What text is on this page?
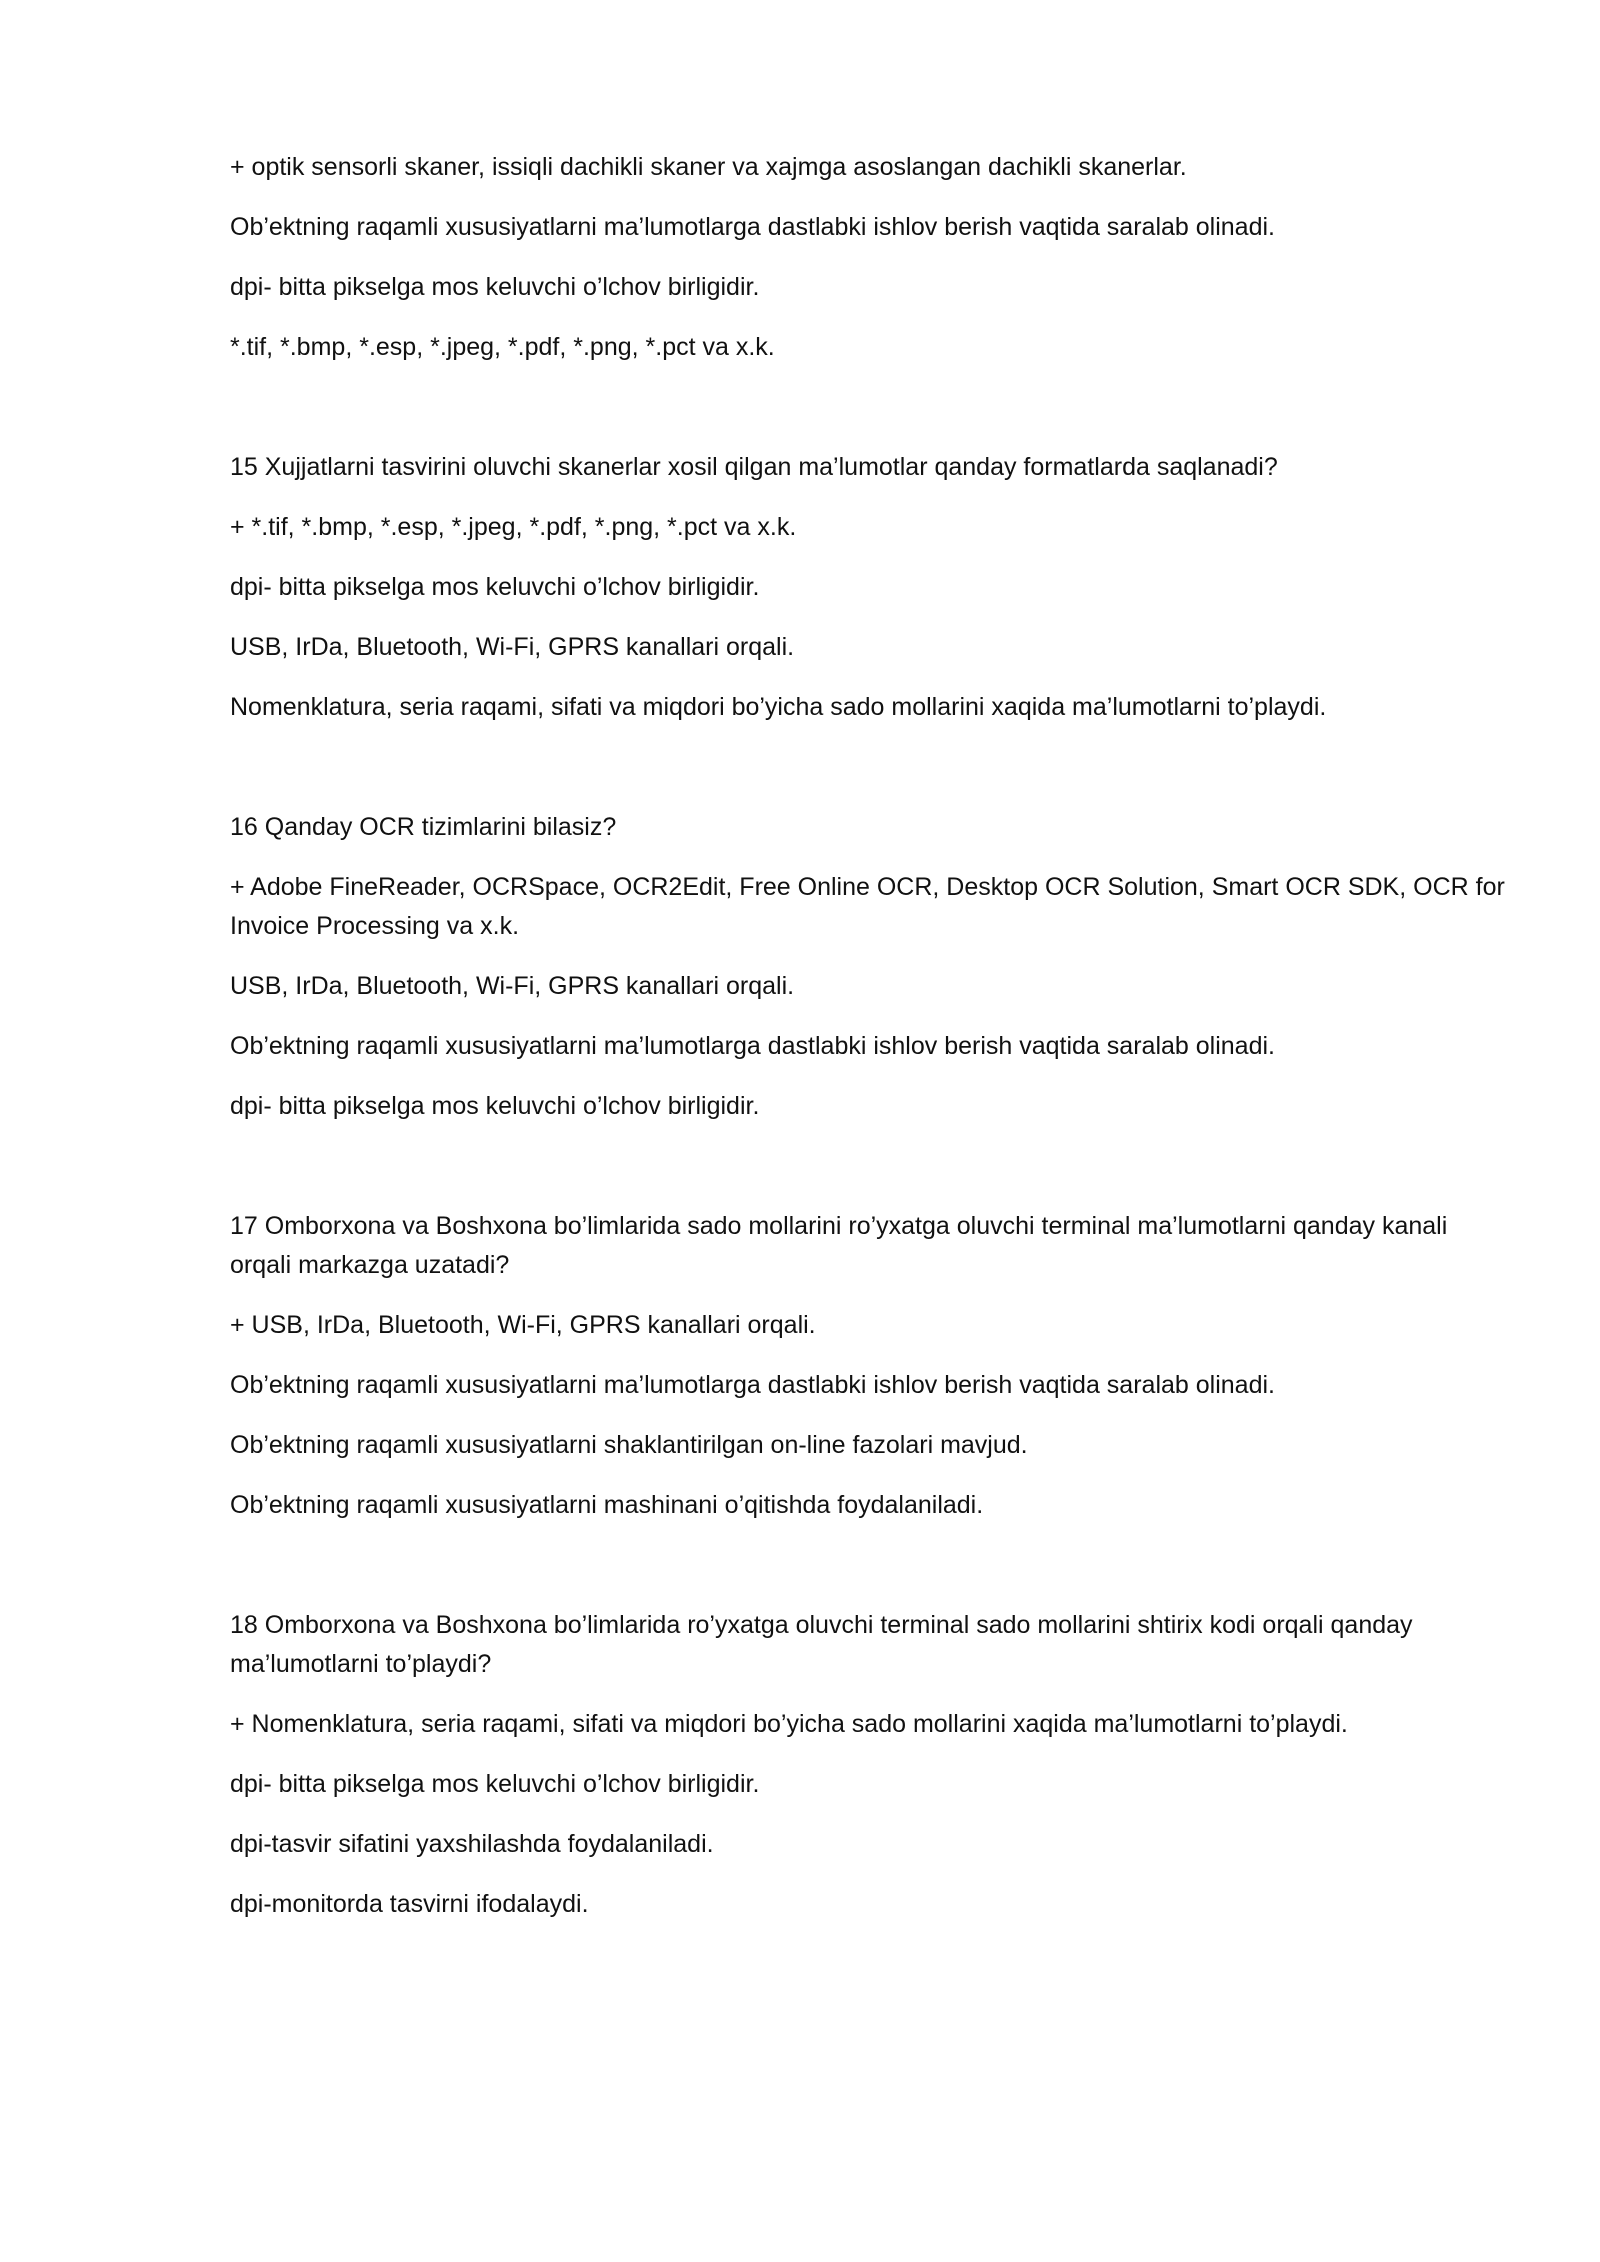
+ optik sensorli skaner, issiqli dachikli skaner va xajmga asoslangan dachikli skanerlar.

Ob’ektning raqamli xususiyatlarni ma’lumotlarga dastlabki ishlov berish vaqtida saralab olinadi.

dpi- bitta pikselga mos keluvchi o’lchov birligidir.

*.tif, *.bmp, *.esp, *.jpeg, *.pdf, *.png, *.pct va x.k.

15 Xujjatlarni tasvirini oluvchi skanerlar xosil qilgan ma’lumotlar qanday formatlarda saqlanadi?

+ *.tif, *.bmp, *.esp, *.jpeg, *.pdf, *.png, *.pct va x.k.

dpi- bitta pikselga mos keluvchi o’lchov birligidir.

USB, IrDa, Bluetooth, Wi-Fi, GPRS kanallari orqali.

Nomenklatura, seria raqami, sifati va miqdori bo’yicha sado mollarini xaqida ma’lumotlarni to’playdi.

16 Qanday OCR tizimlarini bilasiz?

+ Adobe FineReader, OCRSpace, OCR2Edit, Free Online OCR, Desktop OCR Solution, Smart OCR SDK, OCR for Invoice Processing va x.k.

USB, IrDa, Bluetooth, Wi-Fi, GPRS kanallari orqali.

Ob’ektning raqamli xususiyatlarni ma’lumotlarga dastlabki ishlov berish vaqtida saralab olinadi.

dpi- bitta pikselga mos keluvchi o’lchov birligidir.

17 Omborxona va Boshxona bo’limlarida sado mollarini ro’yxatga oluvchi terminal ma’lumotlarni qanday kanali orqali markazga uzatadi?

+ USB, IrDa, Bluetooth, Wi-Fi, GPRS kanallari orqali.

Ob’ektning raqamli xususiyatlarni ma’lumotlarga dastlabki ishlov berish vaqtida saralab olinadi.

Ob’ektning raqamli xususiyatlarni shaklantirilgan on-line fazolari mavjud.

Ob’ektning raqamli xususiyatlarni mashinani o’qitishda foydalaniladi.

18 Omborxona va Boshxona bo’limlarida ro’yxatga oluvchi terminal sado mollarini shtirix kodi orqali qanday ma’lumotlarni to’playdi?

+ Nomenklatura, seria raqami, sifati va miqdori bo’yicha sado mollarini xaqida ma’lumotlarni to’playdi.

dpi- bitta pikselga mos keluvchi o’lchov birligidir.

dpi-tasvir sifatini yaxshilashda foydalaniladi.

dpi-monitorda tasvirni ifodalaydi.
